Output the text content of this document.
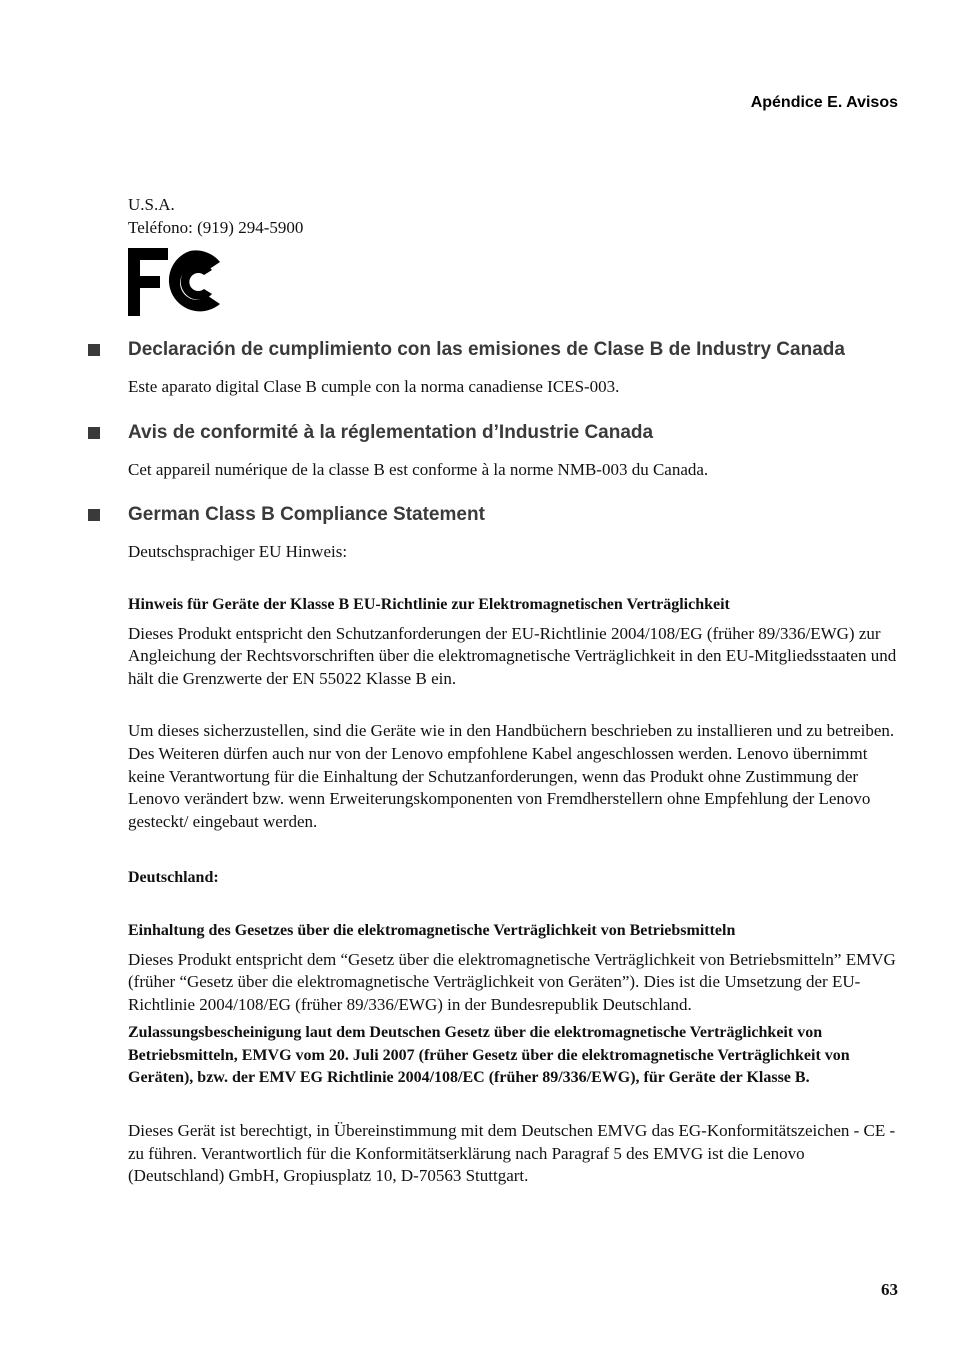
Apéndice E. Avisos

U.S.A.

Teléfono: (919) 294-5900

Declaración de cumplimiento con las emisiones de Clase B de Industry Canada

Este aparato digital Clase B cumple con la norma canadiense ICES-003.

Avis de conformité à la réglementation d’Industrie Canada

Cet appareil numérique de la classe B est conforme à la norme NMB-003 du Canada.

German Class B Compliance Statement

Deutschsprachiger EU Hinweis:

Hinweis für Geräte der Klasse B EU-Richtlinie zur Elektromagnetischen Verträglichkeit

Dieses Produkt entspricht den Schutzanforderungen der EU-Richtlinie 2004/108/EG (früher 89/336/EWG) zur Angleichung der Rechtsvorschriften über die elektromagnetische Verträglichkeit in den EU-Mitgliedsstaaten und hält die Grenzwerte der EN 55022 Klasse B ein.

Um dieses sicherzustellen, sind die Geräte wie in den Handbüchern beschrieben zu installieren und zu betreiben. Des Weiteren dürfen auch nur von der Lenovo empfohlene Kabel angeschlossen werden. Lenovo übernimmt keine Verantwortung für die Einhaltung der Schutzanforderungen, wenn das Produkt ohne Zustimmung der Lenovo verändert bzw. wenn Erweiterungskomponenten von Fremdherstellern ohne Empfehlung der Lenovo gesteckt/ eingebaut werden.

Deutschland:

Einhaltung des Gesetzes über die elektromagnetische Verträglichkeit von Betriebsmitteln

Dieses Produkt entspricht dem “Gesetz über die elektromagnetische Verträglichkeit von Betriebsmitteln” EMVG (früher “Gesetz über die elektromagnetische Verträglichkeit von Geräten”). Dies ist die Umsetzung der EU-Richtlinie 2004/108/EG (früher 89/336/EWG) in der Bundesrepublik Deutschland.

Zulassungsbescheinigung laut dem Deutschen Gesetz über die elektromagnetische Verträglichkeit von Betriebsmitteln, EMVG vom 20. Juli 2007 (früher Gesetz über die elektromagnetische Verträglichkeit von Geräten), bzw. der EMV EG Richtlinie 2004/108/EC (früher 89/336/EWG), für Geräte der Klasse B.

Dieses Gerät ist berechtigt, in Übereinstimmung mit dem Deutschen EMVG das EG-Konformitätszeichen - CE - zu führen. Verantwortlich für die Konformitätserklärung nach Paragraf 5 des EMVG ist die Lenovo (Deutschland) GmbH, Gropiusplatz 10, D-70563 Stuttgart.

63
